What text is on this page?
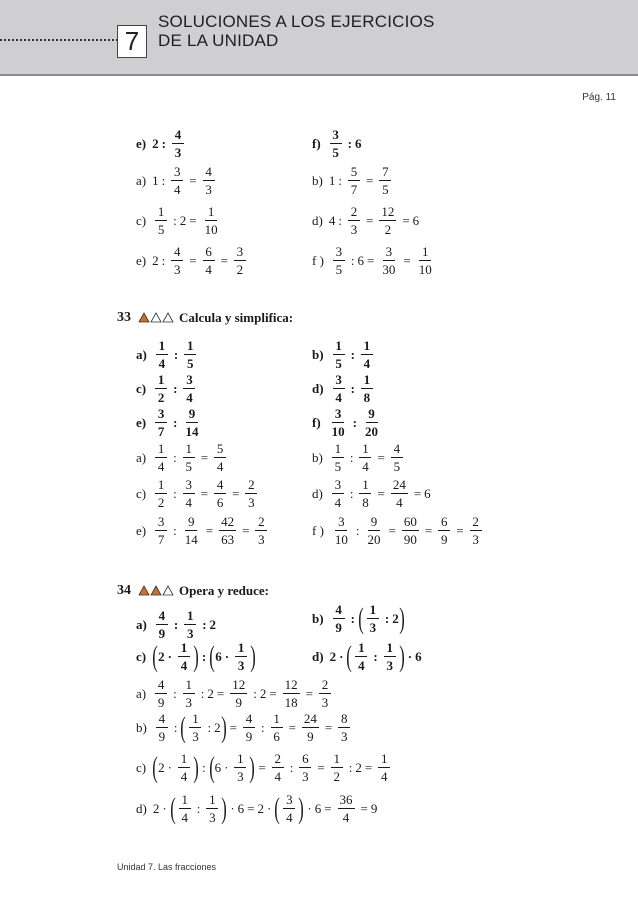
7
SOLUCIONES A LOS EJERCICIOS
DE LA UNIDAD
Pág. 11
e) 2 : $\frac{4}{3}$	$f) \frac{3}{5}$ : 6
a) 1 : $\frac{3}{4} = \frac{4}{3}$	b) 1 : $\frac{5}{7} = \frac{7}{5}$
$c) \frac{1}{5}$ : $2 = \frac{1}{10}$	d) 4 : $\frac{2}{3} = \frac{12}{2} = 6$
e) 2 : $\frac{4}{3} = \frac{6}{4} = \frac{3}{2}$	f ) $\frac{3}{5}$ : $6 = \frac{3}{30} = \frac{1}{10}$
33	Calcula y simplifica:
$a) \frac{1}{4}$ : $\frac{1}{5}$	$b) \frac{1}{5}$ : $\frac{1}{4}$
$c) \frac{1}{2}$ : $\frac{3}{4}$	$d) \frac{3}{4}$ : $\frac{1}{8}$
$e) \frac{3}{7}$ : $\frac{9}{14}$	$f) \frac{3}{10}$ : $\frac{9}{20}$
$a) \frac{1}{4}$ : $\frac{1}{5} = \frac{5}{4}$	$b) \frac{1}{5}$ : $\frac{1}{4} = \frac{4}{5}$
$c) \frac{1}{2}$ : $\frac{3}{4} = \frac{4}{6} = \frac{2}{3}$	$d) \frac{3}{4}$ : $\frac{1}{8} = \frac{24}{4} = 6$
$e) \frac{3}{7}$ : $\frac{9}{14} = \frac{42}{63} = \frac{2}{3}$	f ) $\frac{3}{10}$ : $\frac{9}{20} = \frac{60}{90} = \frac{6}{9} = \frac{2}{3}$
34	Opera y reduce:
$a) \frac{4}{9}$ : $\frac{1}{3}$ : 2	$b) \frac{4}{9}$ : ( $\frac{1}{3}$ : 2 )
c) ( $2 \cdot \frac{1}{4}$ ) : ( $6 \cdot \frac{1}{3}$ )	d) 2 · ( $\frac{1}{4}$ : $\frac{1}{3}$ ) · 6
$a) \frac{4}{9}$ : $\frac{1}{3}$ : $2 = \frac{12}{9}$ : $2 = \frac{12}{18} = \frac{2}{3}$
$b) \frac{4}{9}$ : ( $\frac{1}{3}$ : 2 ) = $\frac{4}{9}$ : $\frac{1}{6} = \frac{24}{9} = \frac{8}{3}$
c) ( $2 \cdot \frac{1}{4}$ ) : ( $6 \cdot \frac{1}{3}$ ) = $\frac{2}{4}$ : $\frac{6}{3} = \frac{1}{2}$ : $2 = \frac{1}{4}$
d) 2 · ( $\frac{1}{4}$ : $\frac{1}{3}$ ) · 6 = 2 · ( $\frac{3}{4}$ ) · $6 = \frac{36}{4} = 9$
Unidad 7. Las fracciones
